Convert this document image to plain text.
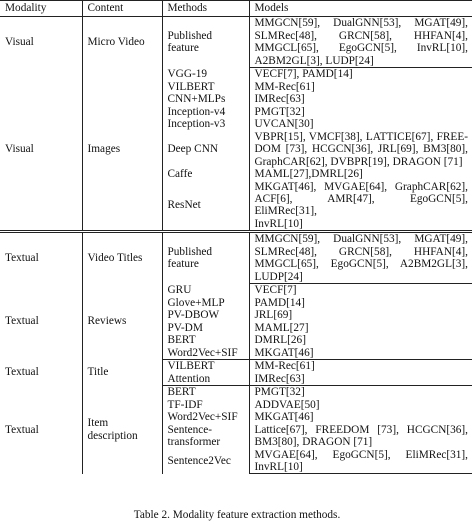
Modality	Content	Methods	Models
Visual	Micro Video	Published feature	MMGCN[59], DualGNN[53], MGAT[49],
			SLMRec[48], GRCN[58], HHFAN[4],
			MMGCL[65], EgoGCN[5], InvRL[10],
			A2BM2GL[3], LUDP[24]
Visual	Images	VGG-19	VECF[7], PAMD[14]
		VILBERT	MM-Rec[61]
		CNN+MLPs	IMRec[63]
		Inception-v4	PMGT[32]
		Inception-v3	UVCAN[30]
		Deep CNN	VBPR[15], VMCF[38], LATTICE[67], FREE-
			DOM [73], HCGCN[36], JRL[69], BM3[80],
			GraphCAR[62], DVBPR[19], DRAGON [71]
		Caffe	MAML[27],DMRL[26]
		ResNet	MKGAT[46], MVGAE[64], GraphCAR[62],
			ACF[6], AMR[47], EgoGCN[5], EliMRec[31],
			InvRL[10]
Textual	Video Titles	Published feature	MMGCN[59], DualGNN[53], MGAT[49],
			SLMRec[48], GRCN[58], HHFAN[4],
			MMGCL[65], EgoGCN[5], A2BM2GL[3],
			LUDP[24]
Textual	Reviews	GRU	VECF[7]
		Glove+MLP	PAMD[14]
		PV-DBOW	JRL[69]
		PV-DM	MAML[27]
		BERT	DMRL[26]
		Word2Vec+SIF	MKGAT[46]
Textual	Title	VILBERT	MM-Rec[61]
		Attention	IMRec[63]
Textual	Item description	BERT	PMGT[32]
		TF-IDF	ADDVAE[50]
		Word2Vec+SIF	MKGAT[46]
		Sentence-transformer	Lattice[67], FREEDOM [73], HCGCN[36],
			BM3[80], DRAGON [71]
		Sentence2Vec	MVGAE[64], EgoGCN[5], EliMRec[31],
			InvRL[10]
Table 2. Modality feature extraction methods.
